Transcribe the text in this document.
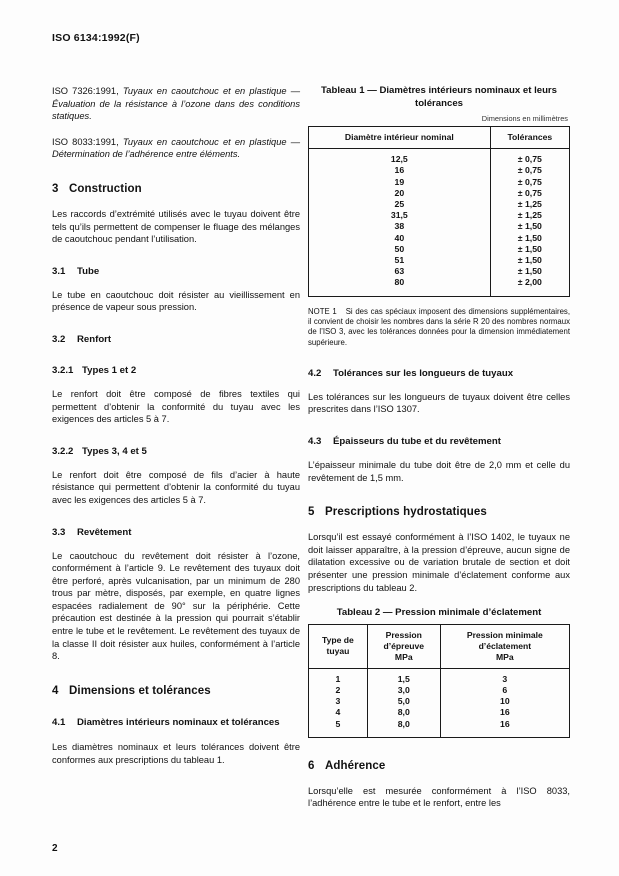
ISO 6134:1992(F)

ISO 7326:1991, Tuyaux en caoutchouc et en plastique — Évaluation de la résistance à l’ozone dans des conditions statiques.

ISO 8033:1991, Tuyaux en caoutchouc et en plastique — Détermination de l’adhérence entre éléments.

3 Construction

Les raccords d’extrémité utilisés avec le tuyau doivent être tels qu’ils permettent de compenser le fluage des mélanges de caoutchouc pendant l’utilisation.

3.1 Tube

Le tube en caoutchouc doit résister au vieillissement en présence de vapeur sous pression.

3.2 Renfort
3.2.1 Types 1 et 2

Le renfort doit être composé de fibres textiles qui permettent d’obtenir la conformité du tuyau avec les exigences des articles 5 à 7.

3.2.2 Types 3, 4 et 5

Le renfort doit être composé de fils d’acier à haute résistance qui permettent d’obtenir la conformité du tuyau avec les exigences des articles 5 à 7.

3.3 Revêtement

Le caoutchouc du revêtement doit résister à l’ozone, conformément à l’article 9. Le revêtement des tuyaux doit être perforé, après vulcanisation, par un minimum de 280 trous par mètre, disposés, par exemple, en quatre lignes espacées radialement de 90° sur la périphérie. Cette précaution est destinée à la pression qui pourrait s’établir entre le tube et le revêtement. Le revêtement des tuyaux de la classe II doit résister aux huiles, conformément à l’article 8.

4 Dimensions et tolérances
4.1 Diamètres intérieurs nominaux et tolérances

Les diamètres nominaux et leurs tolérances doivent être conformes aux prescriptions du tableau 1.

Tableau 1 — Diamètres intérieurs nominaux et leurs tolérances
Dimensions en millimètres
Diamètre intérieur nominal	Tolérances
12,5	± 0,75
16	± 0,75
19	± 0,75
20	± 0,75
25	± 1,25
31,5	± 1,25
38	± 1,50
40	± 1,50
50	± 1,50
51	± 1,50
63	± 1,50
80	± 2,00

NOTE 1 Si des cas spéciaux imposent des dimensions supplémentaires, il convient de choisir les nombres dans la série R 20 des nombres normaux de l’ISO 3, avec les tolérances données pour la dimension immédiatement supérieure.

4.2 Tolérances sur les longueurs de tuyaux

Les tolérances sur les longueurs de tuyaux doivent être celles prescrites dans l’ISO 1307.

4.3 Épaisseurs du tube et du revêtement

L’épaisseur minimale du tube doit être de 2,0 mm et celle du revêtement de 1,5 mm.

5 Prescriptions hydrostatiques

Lorsqu’il est essayé conformément à l’ISO 1402, le tuyaux ne doit laisser apparaître, à la pression d’épreuve, aucun signe de dilatation excessive ou de variation brutale de section et doit présenter une pression minimale d’éclatement conforme aux prescriptions du tableau 2.

Tableau 2 — Pression minimale d’éclatement
Type de
tuyau	Pression
d’épreuve
MPa	Pression minimale
d’éclatement
MPa
1	1,5	3
2	3,0	6
3	5,0	10
4	8,0	16
5	8,0	16
6 Adhérence

Lorsqu’elle est mesurée conformément à l’ISO 8033, l’adhérence entre le tube et le renfort, entre les

2
